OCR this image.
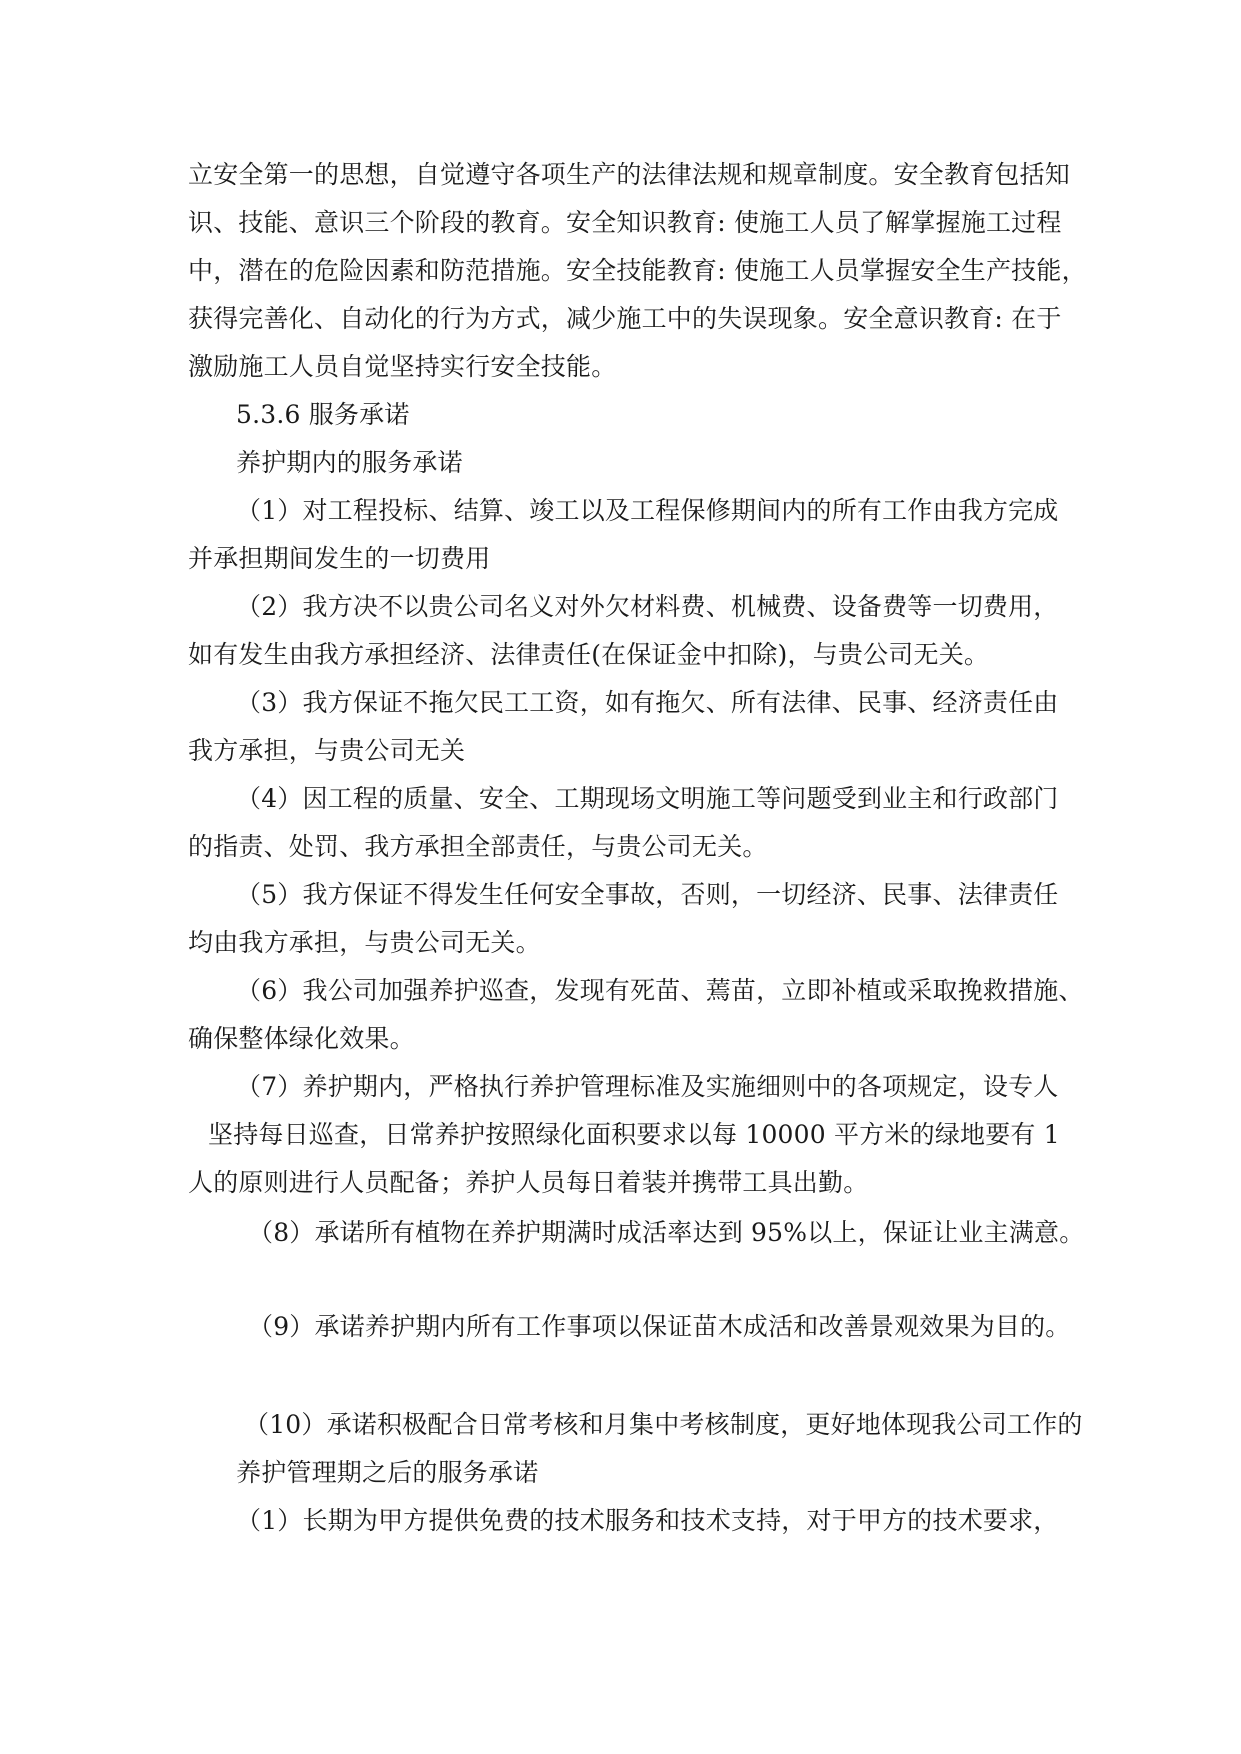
立安全第一的思想，自觉遵守各项生产的法律法规和规章制度。安全教育包括知
识、技能、意识三个阶段的教育。安全知识教育: 使施工人员了解掌握施工过程
中，潜在的危险因素和防范措施。安全技能教育: 使施工人员掌握安全生产技能，
获得完善化、自动化的行为方式，减少施工中的失误现象。安全意识教育: 在于
激励施工人员自觉坚持实行安全技能。
5.3.6 服务承诺
养护期内的服务承诺
（1）对工程投标、结算、竣工以及工程保修期间内的所有工作由我方完成
并承担期间发生的一切费用
（2）我方决不以贵公司名义对外欠材料费、机械费、设备费等一切费用，
如有发生由我方承担经济、法律责任(在保证金中扣除)，与贵公司无关。
（3）我方保证不拖欠民工工资，如有拖欠、所有法律、民事、经济责任由
我方承担，与贵公司无关
（4）因工程的质量、安全、工期现场文明施工等问题受到业主和行政部门
的指责、处罚、我方承担全部责任，与贵公司无关。
（5）我方保证不得发生任何安全事故，否则，一切经济、民事、法律责任
均由我方承担，与贵公司无关。
（6）我公司加强养护巡查，发现有死苗、蔫苗，立即补植或采取挽救措施、
确保整体绿化效果。
（7）养护期内，严格执行养护管理标准及实施细则中的各项规定，设专人
坚持每日巡查，日常养护按照绿化面积要求以每 10000 平方米的绿地要有 1
人的原则进行人员配备；养护人员每日着装并携带工具出勤。
（8）承诺所有植物在养护期满时成活率达到 95%以上，保证让业主满意。
（9）承诺养护期内所有工作事项以保证苗木成活和改善景观效果为目的。
（10）承诺积极配合日常考核和月集中考核制度，更好地体现我公司工作的
养护管理期之后的服务承诺
（1）长期为甲方提供免费的技术服务和技术支持，对于甲方的技术要求，
